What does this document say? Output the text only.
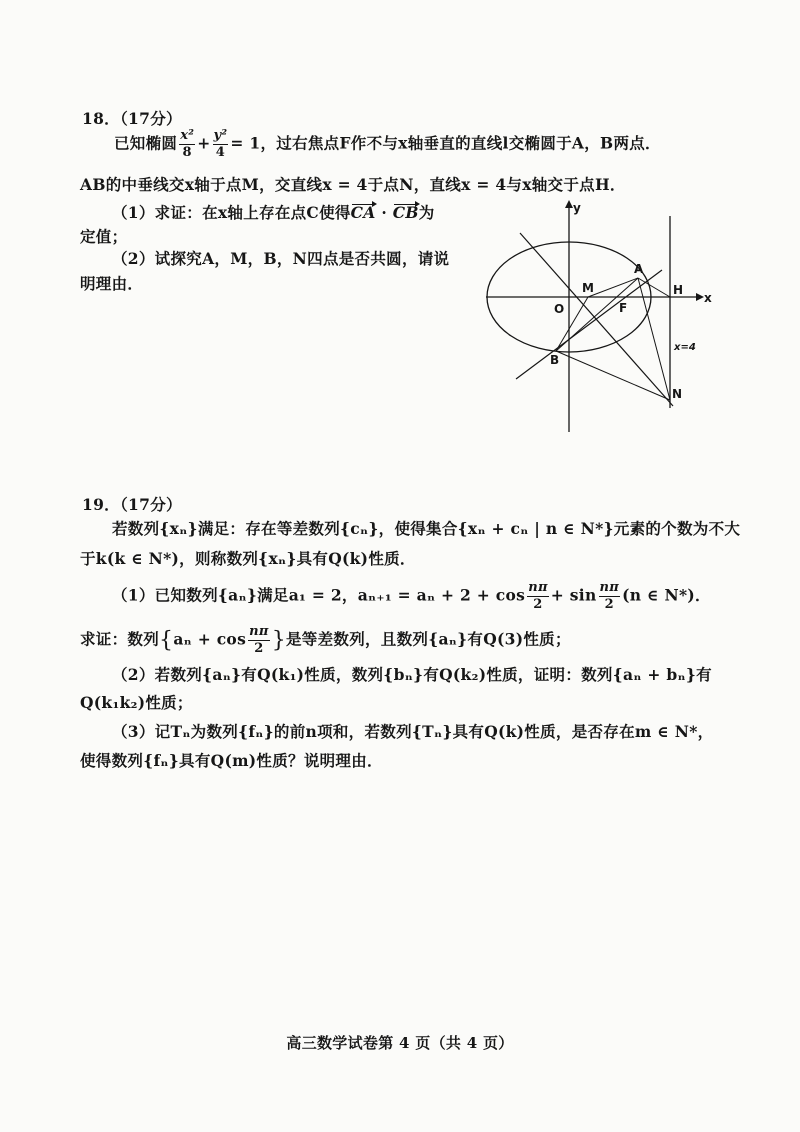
18．（17分）
已知椭圆 $\frac{\text{x²}}{8} + \frac{\text{y²}}{4} = 1$，过右焦点F作不与x轴垂直的直线l交椭圆于A，B两点．
AB的中垂线交x轴于点M，交直线x = 4于点N，直线x = 4与x轴交于点H．
（1）求证：在x轴上存在点C使得CA · CB为
定值；
（2）试探究A，M，B，N四点是否共圆，请说
明理由．
y
x
O
M
F
A
H
B
N
x=4
19．（17分）
若数列{xₙ}满足：存在等差数列{cₙ}，使得集合{xₙ + cₙ | n ∈ N*}元素的个数为不大
于k(k ∈ N*)，则称数列{xₙ}具有Q(k)性质．
（1）已知数列{aₙ}满足a₁ = 2，$a_{n+1} = a_n + 2 + \cos \frac{n\pi}{2} + \sin \frac{n\pi}{2} (n$ ∈ N*)．
求证：数列{$a_n + \cos \frac{n\pi}{2}$ }是等差数列，且数列{aₙ}有Q(3)性质；
（2）若数列{aₙ}有Q(k₁)性质，数列{bₙ}有Q(k₂)性质，证明：数列{aₙ + bₙ}有
Q(k₁k₂)性质；
（3）记Tₙ为数列{fₙ}的前n项和，若数列{Tₙ}具有Q(k)性质，是否存在m ∈ N*，
使得数列{fₙ}具有Q(m)性质？说明理由．
高三数学试卷第 4 页（共 4 页）
